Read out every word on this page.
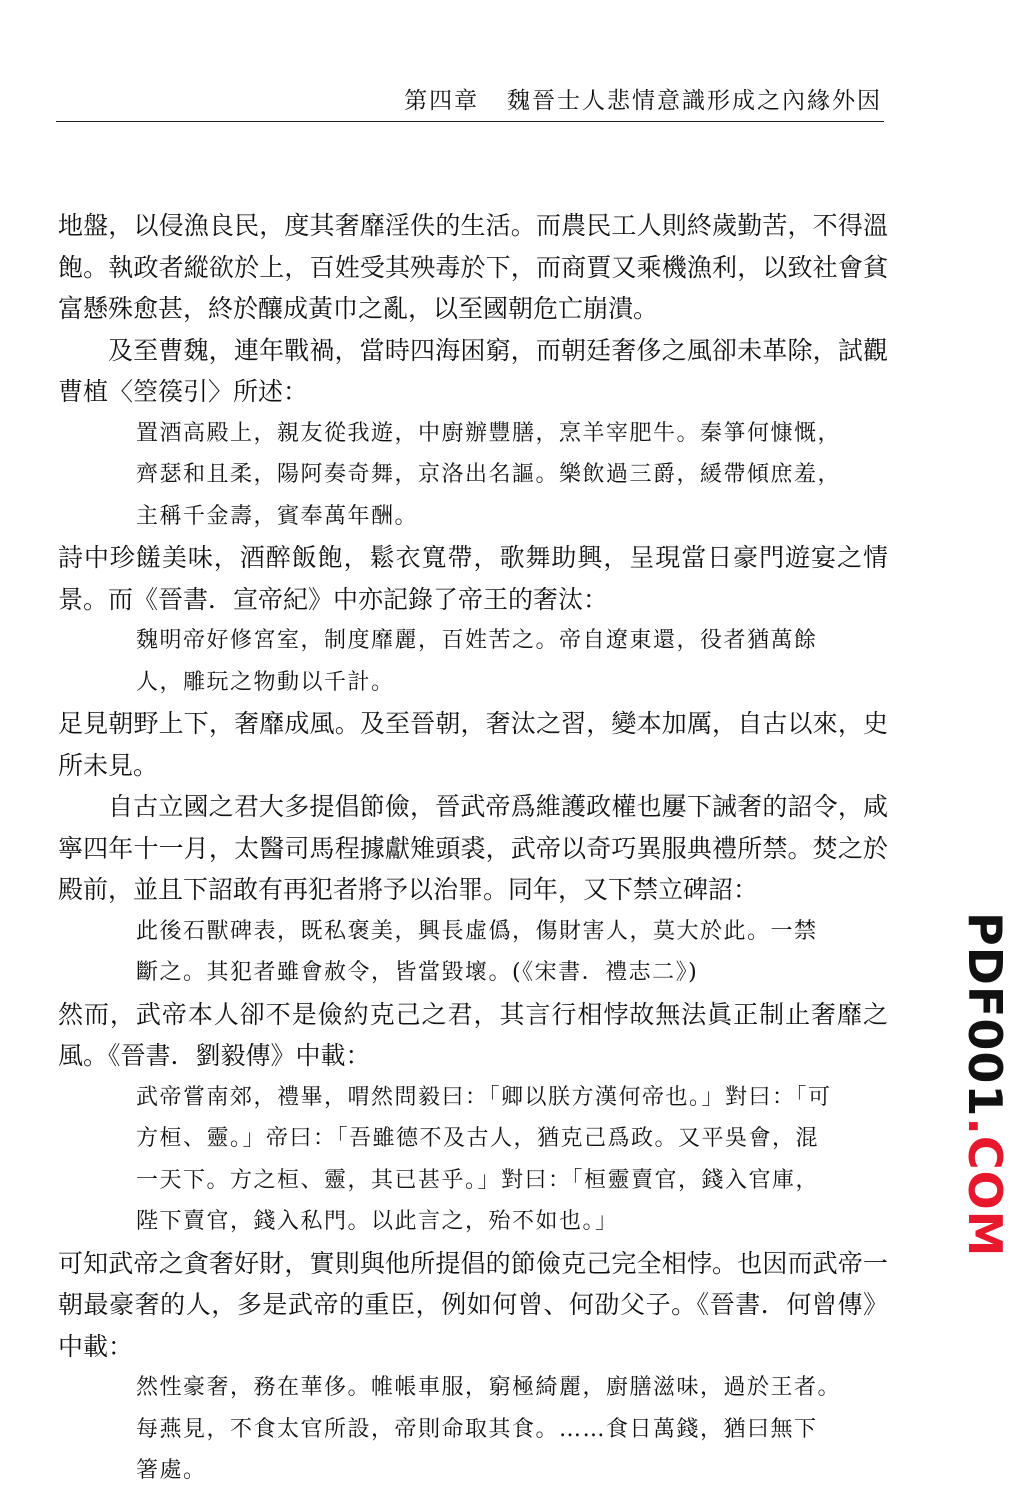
第四章 魏晉士人悲情意識形成之內緣外因

地盤，以侵漁良民，度其奢靡淫佚的生活。而農民工人則終歲勤苦，不得溫飽。執政者縱欲於上，百姓受其殃毒於下，而商賈又乘機漁利，以致社會貧富懸殊愈甚，終於釀成黃巾之亂，以至國朝危亡崩潰。

及至曹魏，連年戰禍，當時四海困窮，而朝廷奢侈之風卻未革除，試觀曹植〈箜篌引〉所述：

置酒高殿上，親友從我遊，中廚辦豐膳，烹羊宰肥牛。秦箏何慷慨，
齊瑟和且柔，陽阿奏奇舞，京洛出名謳。樂飲過三爵，緩帶傾庶羞，
主稱千金壽，賓奉萬年酬。

詩中珍饈美味，酒醉飯飽，鬆衣寬帶，歌舞助興，呈現當日豪門遊宴之情景。而《晉書．宣帝紀》中亦記錄了帝王的奢汰：

魏明帝好修宮室，制度靡麗，百姓苦之。帝自遼東還，役者猶萬餘
人，雕玩之物動以千計。

足見朝野上下，奢靡成風。及至晉朝，奢汰之習，變本加厲，自古以來，史所未見。

自古立國之君大多提倡節儉，晉武帝爲維護政權也屢下誡奢的詔令，咸寧四年十一月，太醫司馬程據獻雉頭裘，武帝以奇巧異服典禮所禁。焚之於殿前，並且下詔敢有再犯者將予以治罪。同年，又下禁立碑詔：

此後石獸碑表，既私褒美，興長虛僞，傷財害人，莫大於此。一禁
斷之。其犯者雖會赦令，皆當毀壞。(《宋書．禮志二》)

然而，武帝本人卻不是儉約克己之君，其言行相悖故無法眞正制止奢靡之風。《晉書．劉毅傳》中載：

武帝嘗南郊，禮畢，喟然問毅曰：「卿以朕方漢何帝也。」對曰：「可
方桓、靈。」帝曰：「吾雖德不及古人，猶克己爲政。又平吳會，混
一天下。方之桓、靈，其已甚乎。」對曰：「桓靈賣官，錢入官庫，
陛下賣官，錢入私門。以此言之，殆不如也。」

可知武帝之貪奢好財，實則與他所提倡的節儉克己完全相悖。也因而武帝一朝最豪奢的人，多是武帝的重臣，例如何曾、何劭父子。《晉書．何曾傳》中載：

然性豪奢，務在華侈。帷帳車服，窮極綺麗，廚膳滋味，過於王者。
每燕見，不食太官所設，帝則命取其食。……食日萬錢，猶曰無下
箸處。
PDF001.COM
